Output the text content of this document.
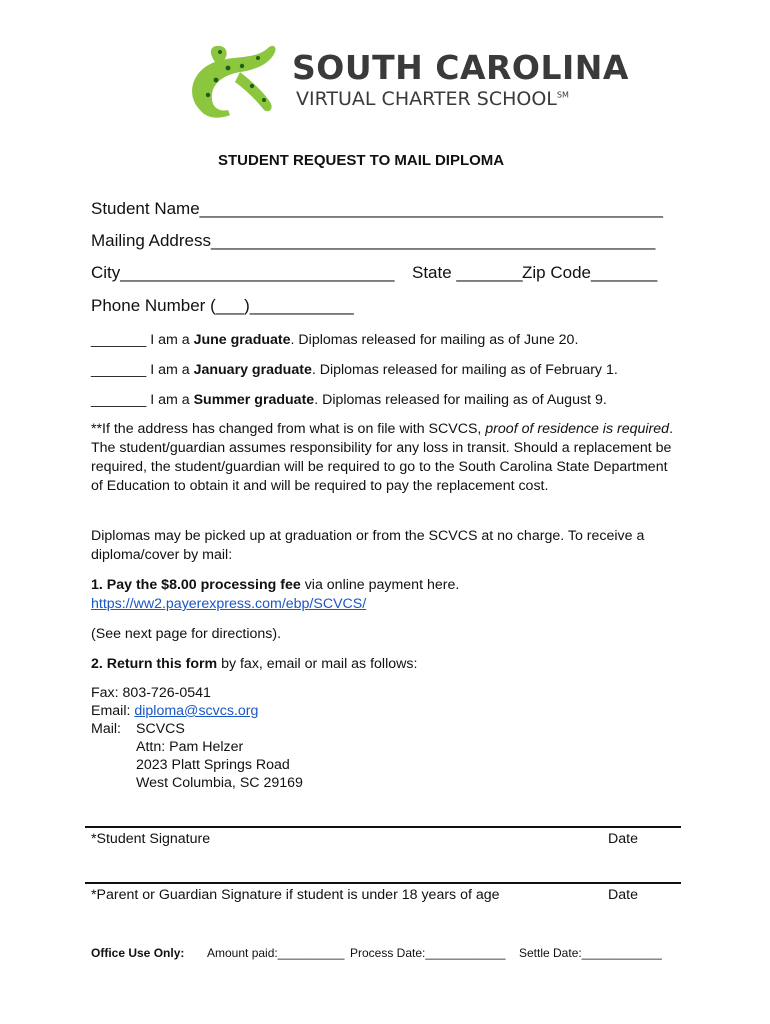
SOUTH CAROLINA
VIRTUAL CHARTER SCHOOL℠
STUDENT REQUEST TO MAIL DIPLOMA
Student Name_________________________________________________
Mailing Address_______________________________________________
City_____________________________ State _______ Zip Code_______
Phone Number (___)___________
_______ I am a June graduate. Diplomas released for mailing as of June 20.
_______ I am a January graduate. Diplomas released for mailing as of February 1.
_______ I am a Summer graduate. Diplomas released for mailing as of August 9.
**If the address has changed from what is on file with SCVCS, proof of residence is required. The student/guardian assumes responsibility for any loss in transit. Should a replacement be required, the student/guardian will be required to go to the South Carolina State Department of Education to obtain it and will be required to pay the replacement cost.
Diplomas may be picked up at graduation or from the SCVCS at no charge. To receive a diploma/cover by mail:
1. Pay the $8.00 processing fee via online payment here.
https://ww2.payerexpress.com/ebp/SCVCS/
(See next page for directions).
2. Return this form by fax, email or mail as follows:
Fax: 803-726-0541
Email: diploma@scvcs.org
Mail: SCVCS
Attn: Pam Helzer
2023 Platt Springs Road
West Columbia, SC 29169
*Student Signature	Date
*Parent or Guardian Signature if student is under 18 years of age	Date
Office Use Only: Amount paid:__________ Process Date:____________ Settle Date:____________
